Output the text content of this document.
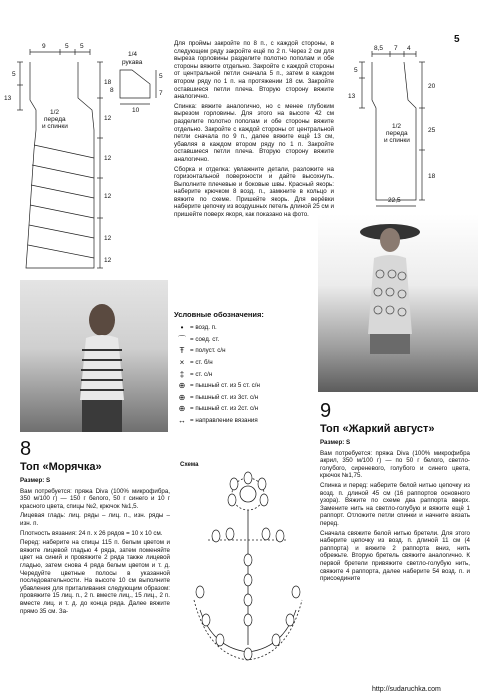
5
9	5 5
5
13
18
12
12
12
12
12
1/2
переда
и спинки
1/4
рукава
5
7
8
10
8,5 7 4
5
13
20
25
18
1/2
переда
и спинки
22,5

Для проймы закройте по 8 п., с каждой стороны, в следующем ряду закройте ещё по 2 п. Через 2 см для выреза горловины разделите полотно пополам и обе стороны вяжите отдельно. Закройте с каждой стороны от центральной петли сначала 5 п., затем в каждом втором ряду по 1 п. на протяжении 18 см. Закройте оставшиеся петли плеча. Вторую сторону вяжите аналогично.

Спинка: вяжите аналогично, но с менее глубоким вырезом горловины. Для этого на высоте 42 см разделите полотно пополам и обе стороны вяжите отдельно. Закройте с каждой стороны от центральной петли сначала по 9 п., далее вяжите ещё 13 см, убавляя в каждом втором ряду по 1 п. Закройте оставшиеся петли плеча. Вторую сторону вяжите аналогично.

Сборка и отделка: увлажните детали, разложите на горизонтальной поверхности и дайте высохнуть. Выполните плечевые и боковые швы. Красный якорь: наберите крючком 8 возд. п., замкните в кольцо и вяжите по схеме. Пришейте якорь. Для верёвки наберите цепочку из воздушных петель длиной 25 см и пришейте поверх якоря, как показано на фото.

Условные обозначения:
•	= возд. п.
⌒ = соед. ст.
Ŧ = полуст. с/н
× = ст. б/н
‡ = ст. с/н
⊕ = пышный ст. из 5 ст. с/н
⊕ = пышный ст. из 3ст. с/н
⊕ = пышный ст. из 2ст. с/н
↔ = направление вязания
8
Топ «Морячка»
Размер: S

Вам потребуется: пряжа Diva (100% микрофибра, 350 м/100 г) — 150 г белого, 50 г синего и 10 г красного цвета, спицы №2, крючок №1,5.

Лицевая гладь: лиц. ряды – лиц. п., изн. ряды – изн. п.

Плотность вязания: 24 п. x 26 рядов = 10 x 10 см.

Перед: наберите на спицы 115 п. белым цветом и вяжите лицевой гладью 4 ряда, затем поменяйте цвет на синий и провяжите 2 ряда также лицевой гладью, затем снова 4 ряда белым цветом и т. д. Чередуйте цветные полосы в указанной последовательности. На высоте 10 см выполните убавления для приталивания следующим образом: провяжите 15 лиц. п., 2 п. вместе лиц., 15 лиц., 2 п. вместе лиц. и т. д. до конца ряда. Далее вяжите прямо 35 см. За-

Схема
9
Топ «Жаркий август»
Размер: S

Вам потребуется: пряжа Diva (100% микрофибра акрил, 350 м/100 г) — по 50 г белого, светло-голубого, сиреневого, голубого и синего цвета, крючок №1,75.

Спинка и перед: наберите белой нитью цепочку из возд. п. длиной 45 см (16 раппортов основного узора). Вяжите по схеме два раппорта вверх. Замените нить на светло-голубую и вяжите ещё 1 раппорт. Отложите петли спинки и начните вязать перед.

Сначала свяжите белой нитью бретели. Для этого наберите цепочку из возд. п. длиной 11 см (4 раппорта) и вяжите 2 раппорта вниз, нить обрежьте. Вторую бретель свяжите аналогично. К первой бретели привяжите светло-голубую нить, свяжите 4 раппорта, далее наберите 54 возд. п. и присоедините

http://sudaruchka.com
